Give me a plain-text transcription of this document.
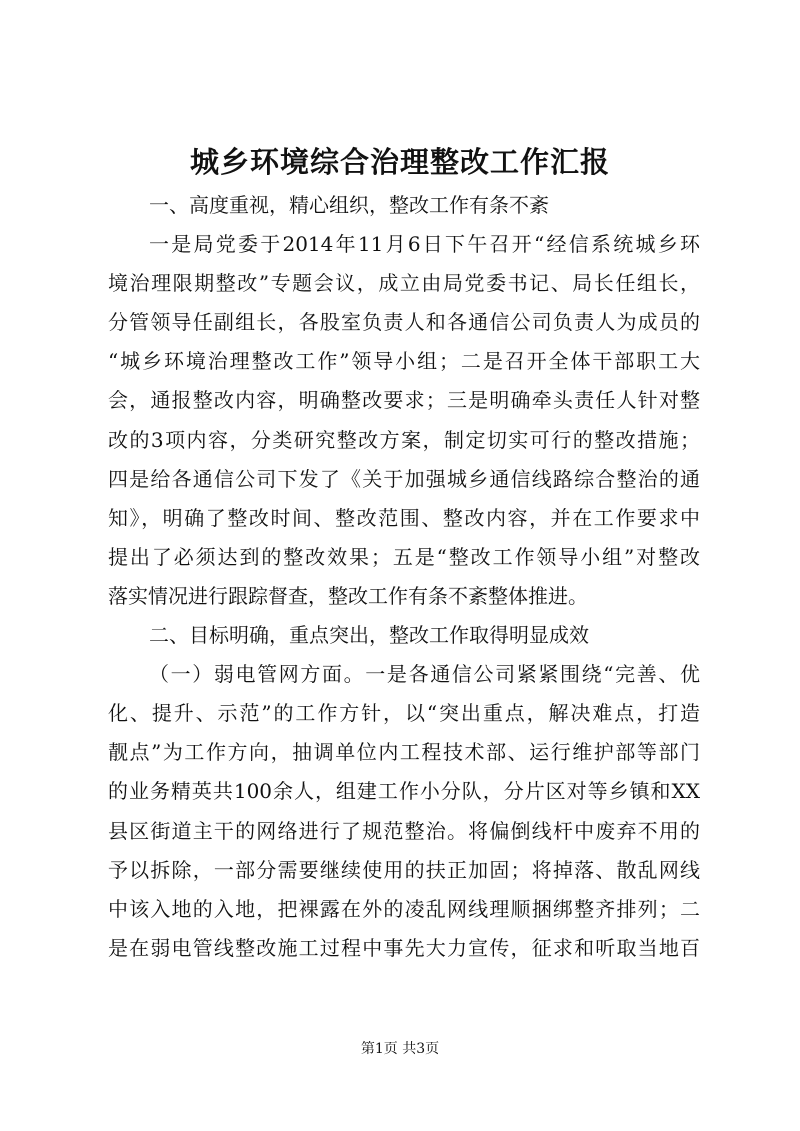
城乡环境综合治理整改工作汇报
一、高度重视，精心组织，整改工作有条不紊
一是局党委于2014年11月6日下午召开“经信系统城乡环
境治理限期整改”专题会议，成立由局党委书记、局长任组长，
分管领导任副组长，各股室负责人和各通信公司负责人为成员的
“城乡环境治理整改工作”领导小组；二是召开全体干部职工大
会，通报整改内容，明确整改要求；三是明确牵头责任人针对整
改的3项内容，分类研究整改方案，制定切实可行的整改措施；
四是给各通信公司下发了《关于加强城乡通信线路综合整治的通
知》，明确了整改时间、整改范围、整改内容，并在工作要求中
提出了必须达到的整改效果；五是“整改工作领导小组”对整改
落实情况进行跟踪督查，整改工作有条不紊整体推进。
二、目标明确，重点突出，整改工作取得明显成效
（一）弱电管网方面。一是各通信公司紧紧围绕“完善、优
化、提升、示范”的工作方针，以“突出重点，解决难点，打造
靓点”为工作方向，抽调单位内工程技术部、运行维护部等部门
的业务精英共100余人，组建工作小分队，分片区对等乡镇和XX
县区街道主干的网络进行了规范整治。将偏倒线杆中废弃不用的
予以拆除，一部分需要继续使用的扶正加固；将掉落、散乱网线
中该入地的入地，把裸露在外的凌乱网线理顺捆绑整齐排列；二
是在弱电管线整改施工过程中事先大力宣传，征求和听取当地百
第1页 共3页
